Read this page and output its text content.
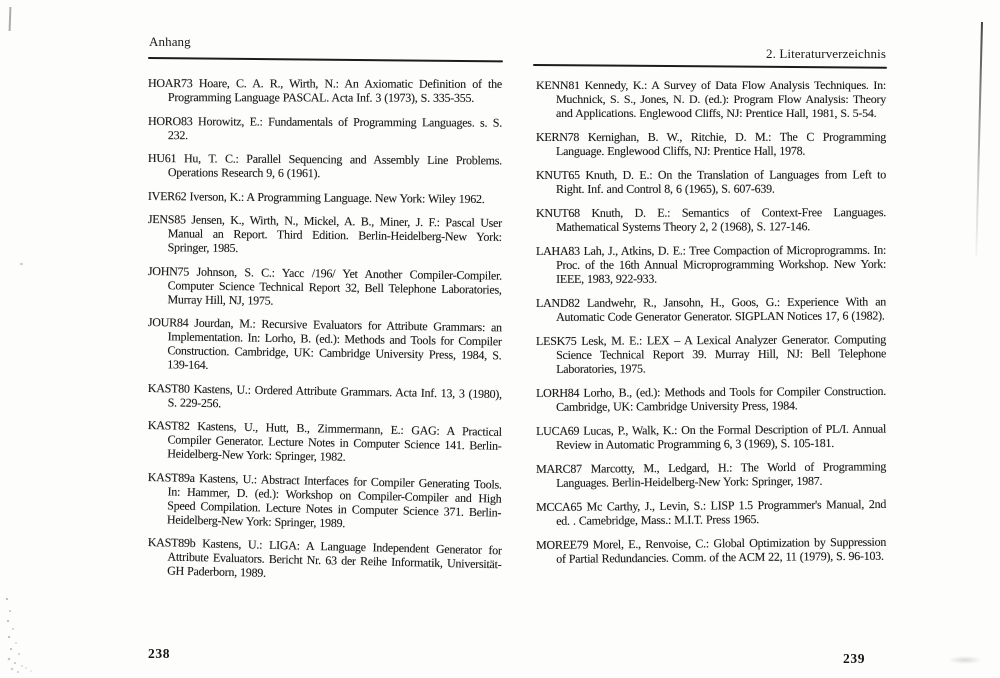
Anhang
HOAR73 Hoare, C. A. R., Wirth, N.: An Axiomatic Definition of the Programming Language PASCAL. Acta Inf. 3 (1973), S. 335-355.
HORO83 Horowitz, E.: Fundamentals of Programming Languages. s. S. 232.
HU61 Hu, T. C.: Parallel Sequencing and Assembly Line Problems. Operations Research 9, 6 (1961).
IVER62 Iverson, K.: A Programming Language. New York: Wiley 1962.
JENS85 Jensen, K., Wirth, N., Mickel, A. B., Miner, J. F.: Pascal User Manual an Report. Third Edition. Berlin-Heidelberg-New York: Springer, 1985.
JOHN75 Johnson, S. C.: Yacc /196/ Yet Another Compiler-Compiler. Computer Science Technical Report 32, Bell Telephone Laboratories, Murray Hill, NJ, 1975.
JOUR84 Jourdan, M.: Recursive Evaluators for Attribute Grammars: an Implementation. In: Lorho, B. (ed.): Methods and Tools for Compiler Construction. Cambridge, UK: Cambridge University Press, 1984, S. 139-164.
KAST80 Kastens, U.: Ordered Attribute Grammars. Acta Inf. 13, 3 (1980), S. 229-256.
KAST82 Kastens, U., Hutt, B., Zimmermann, E.: GAG: A Practical Compiler Generator. Lecture Notes in Computer Science 141. Berlin-Heidelberg-New York: Springer, 1982.
KAST89a Kastens, U.: Abstract Interfaces for Compiler Generating Tools. In: Hammer, D. (ed.): Workshop on Compiler-Compiler and High Speed Compilation. Lecture Notes in Computer Science 371. Berlin-Heidelberg-New York: Springer, 1989.
KAST89b Kastens, U.: LIGA: A Language Independent Generator for Attribute Evaluators. Bericht Nr. 63 der Reihe Informatik, Universität-GH Paderborn, 1989.
238
2. Literaturverzeichnis
KENN81 Kennedy, K.: A Survey of Data Flow Analysis Techniques. In: Muchnick, S. S., Jones, N. D. (ed.): Program Flow Analysis: Theory and Applications. Englewood Cliffs, NJ: Prentice Hall, 1981, S. 5-54.
KERN78 Kernighan, B. W., Ritchie, D. M.: The C Programming Language. Englewood Cliffs, NJ: Prentice Hall, 1978.
KNUT65 Knuth, D. E.: On the Translation of Languages from Left to Right. Inf. and Control 8, 6 (1965), S. 607-639.
KNUT68 Knuth, D. E.: Semantics of Context-Free Languages. Mathematical Systems Theory 2, 2 (1968), S. 127-146.
LAHA83 Lah, J., Atkins, D. E.: Tree Compaction of Microprogramms. In: Proc. of the 16th Annual Microprogramming Workshop. New York: IEEE, 1983, 922-933.
LAND82 Landwehr, R., Jansohn, H., Goos, G.: Experience With an Automatic Code Generator Generator. SIGPLAN Notices 17, 6 (1982).
LESK75 Lesk, M. E.: LEX – A Lexical Analyzer Generator. Computing Science Technical Report 39. Murray Hill, NJ: Bell Telephone Laboratories, 1975.
LORH84 Lorho, B., (ed.): Methods and Tools for Compiler Construction. Cambridge, UK: Cambridge University Press, 1984.
LUCA69 Lucas, P., Walk, K.: On the Formal Description of PL/I. Annual Review in Automatic Programming 6, 3 (1969), S. 105-181.
MARC87 Marcotty, M., Ledgard, H.: The World of Programming Languages. Berlin-Heidelberg-New York: Springer, 1987.
MCCA65 Mc Carthy, J., Levin, S.: LISP 1.5 Programmer's Manual, 2nd ed. . Camebridge, Mass.: M.I.T. Press 1965.
MOREE79 Morel, E., Renvoise, C.: Global Optimization by Suppression of Partial Redundancies. Comm. of the ACM 22, 11 (1979), S. 96-103.
239
